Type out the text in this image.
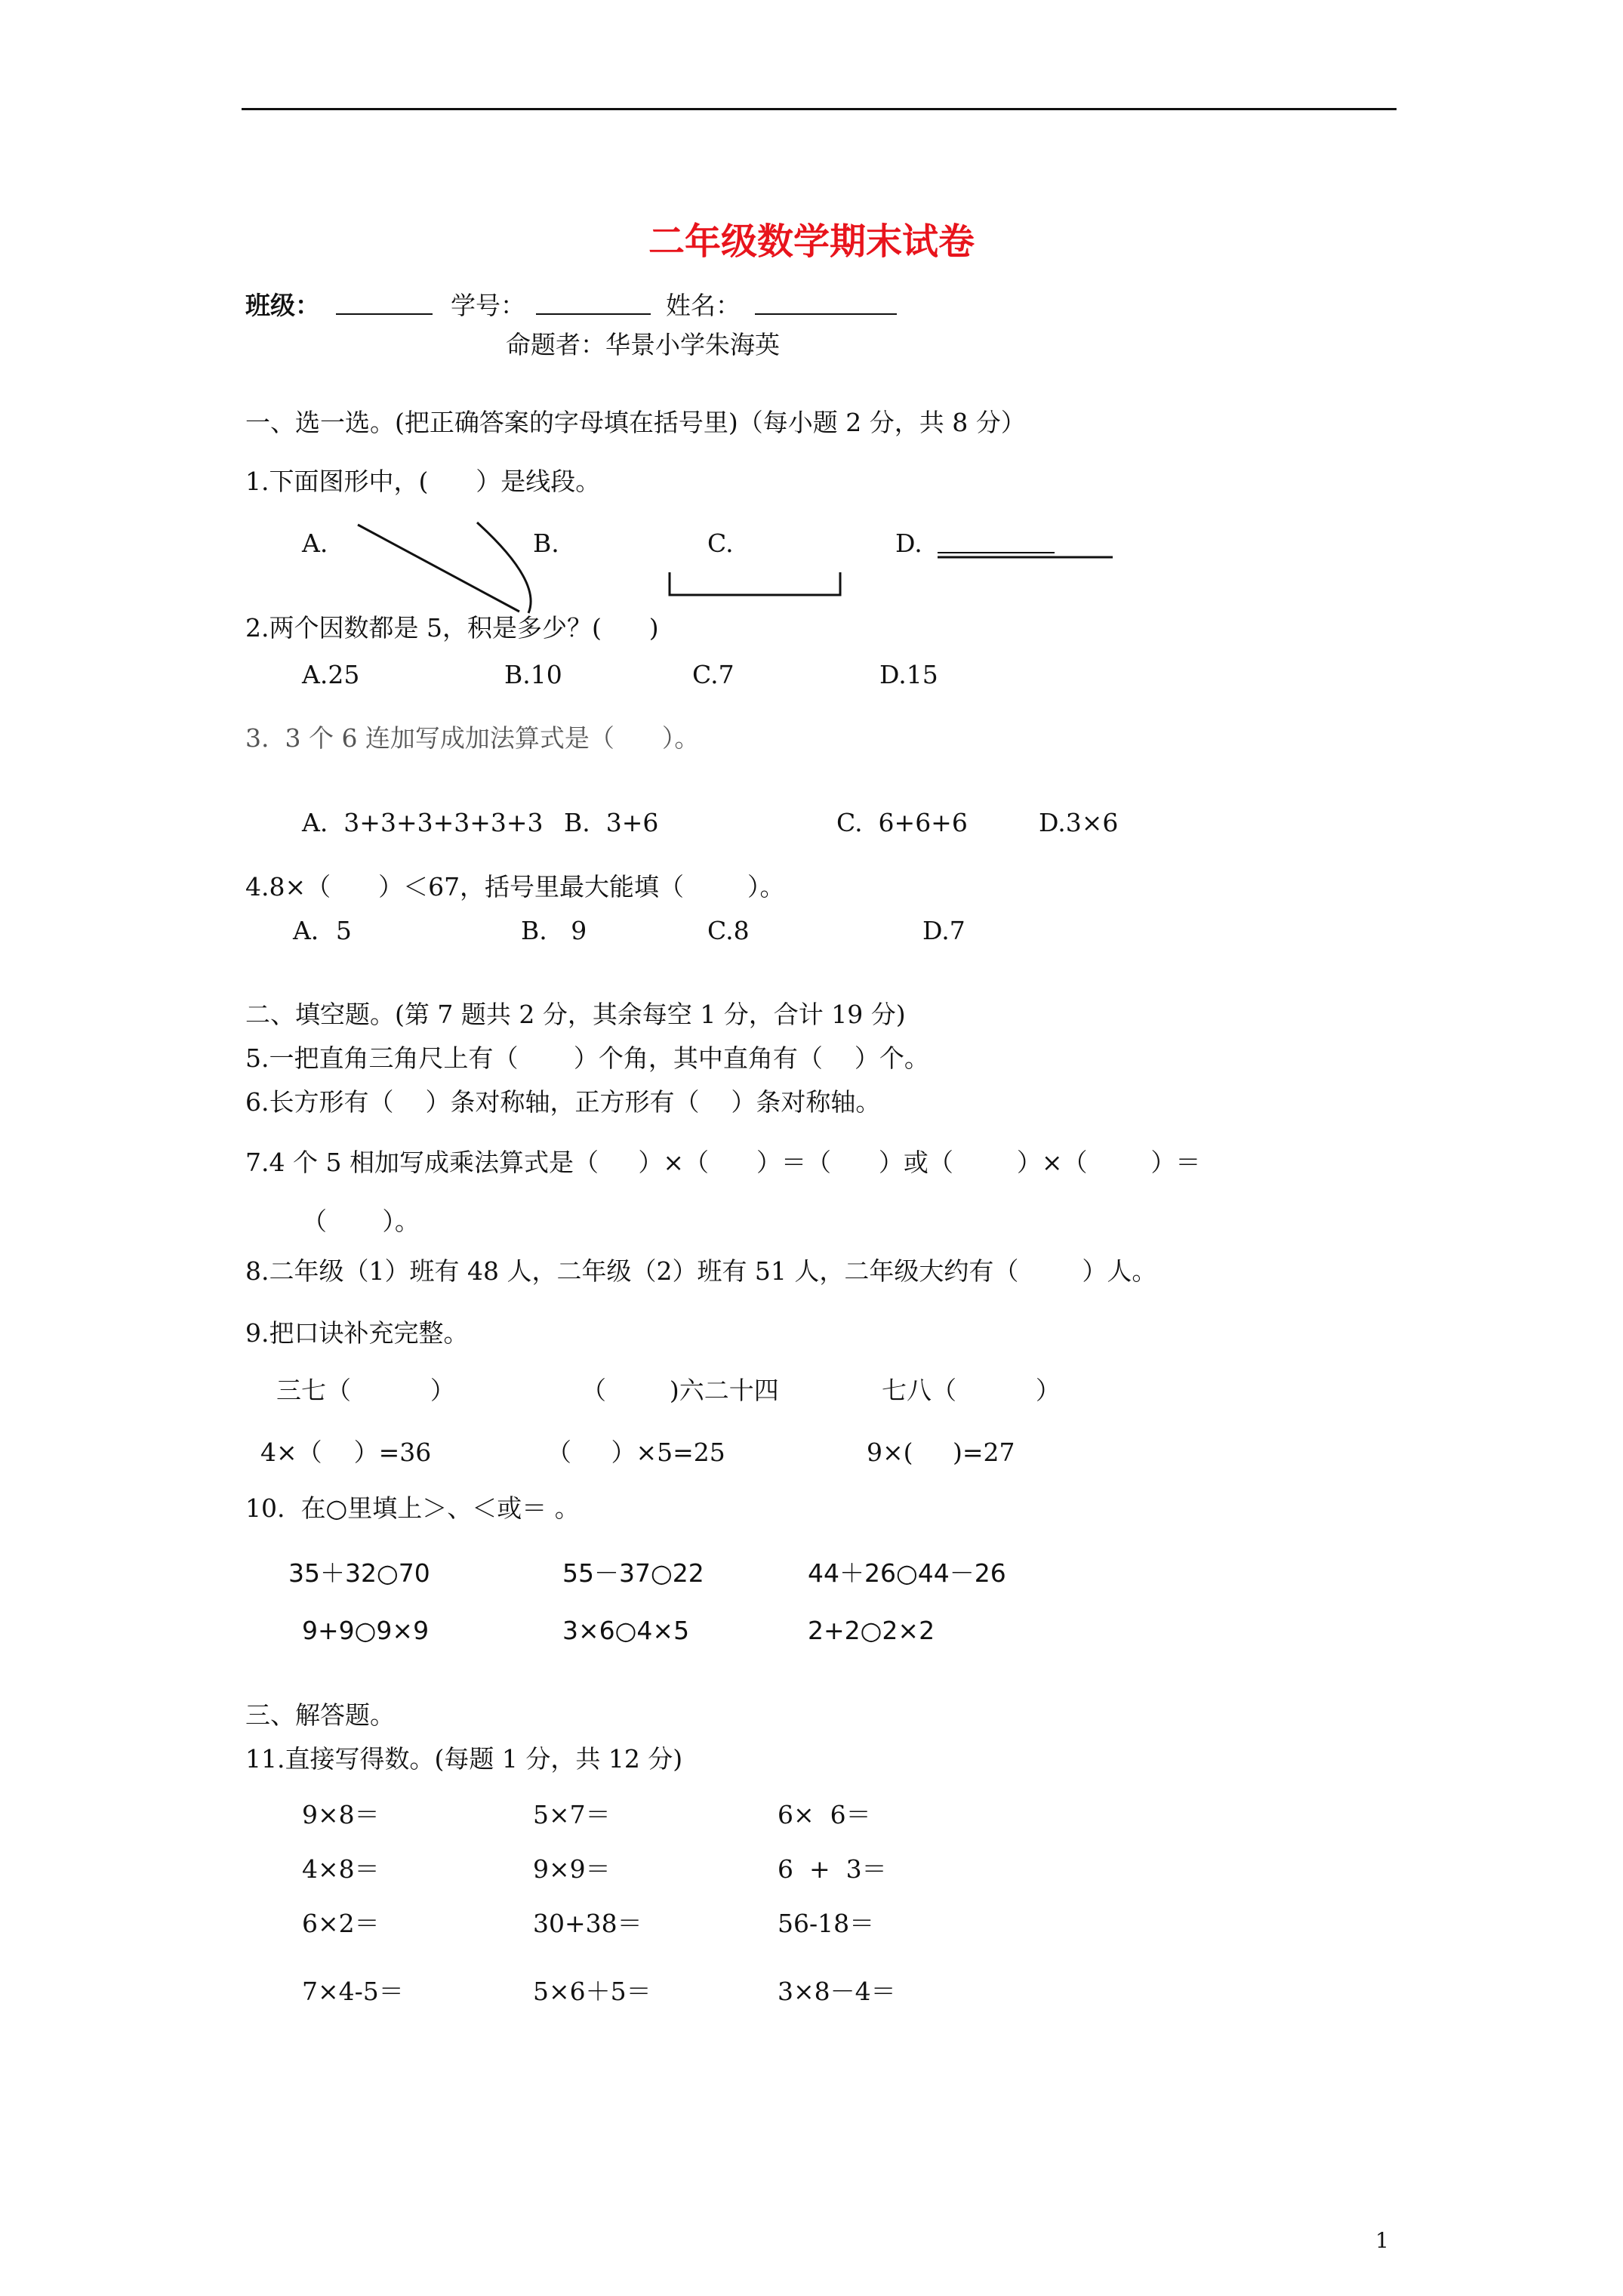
二年级数学期末试卷
班级：	学号：	姓名：
命题者：华景小学朱海英
一、选一选。(把正确答案的字母填在括号里)（每小题 2 分，共 8 分）
1.下面图形中，(      ）是线段。
A.	B.	C.	D.
2.两个因数都是 5，积是多少？(      )
A.25	B.10	C.7	D.15
3.  3 个 6 连加写成加法算式是（      ）。
A.  3+3+3+3+3+3 B.  3+6	C.  6+6+6	D.3×6
4.8×（      ）＜67，括号里最大能填（        ）。
A．5	B.   9	C.8	D.7
二、填空题。(第 7 题共 2 分，其余每空 1 分，合计 19 分)
5.一把直角三角尺上有（       ）个角，其中直角有（    ）个。
6.长方形有（    ）条对称轴，正方形有（    ）条对称轴。
7.4 个 5 相加写成乘法算式是（     ）×（      ）＝（      ）或（        ）×（        ）＝
（       ）。
8.二年级（1）班有 48 人，二年级（2）班有 51 人，二年级大约有（        ）人。
9.把口诀补充完整。
三七（          ）	（        )六二十四	七八（          ）
4×（    ）=36	（     ）×5=25	9×(     )=27
10.  在○里填上＞、＜或＝ 。
35＋32○70	55－37○22	44＋26○44－26
9+9○9×9	3×6○4×5	2+2○2×2
三、解答题。
11.直接写得数。(每题 1 分，共 12 分)
9×8＝	5×7＝	6×  6＝
4×8＝	9×9＝	6  +  3＝
6×2＝	30+38＝	56-18＝
7×4-5＝	5×6＋5＝	3×8－4＝
1
